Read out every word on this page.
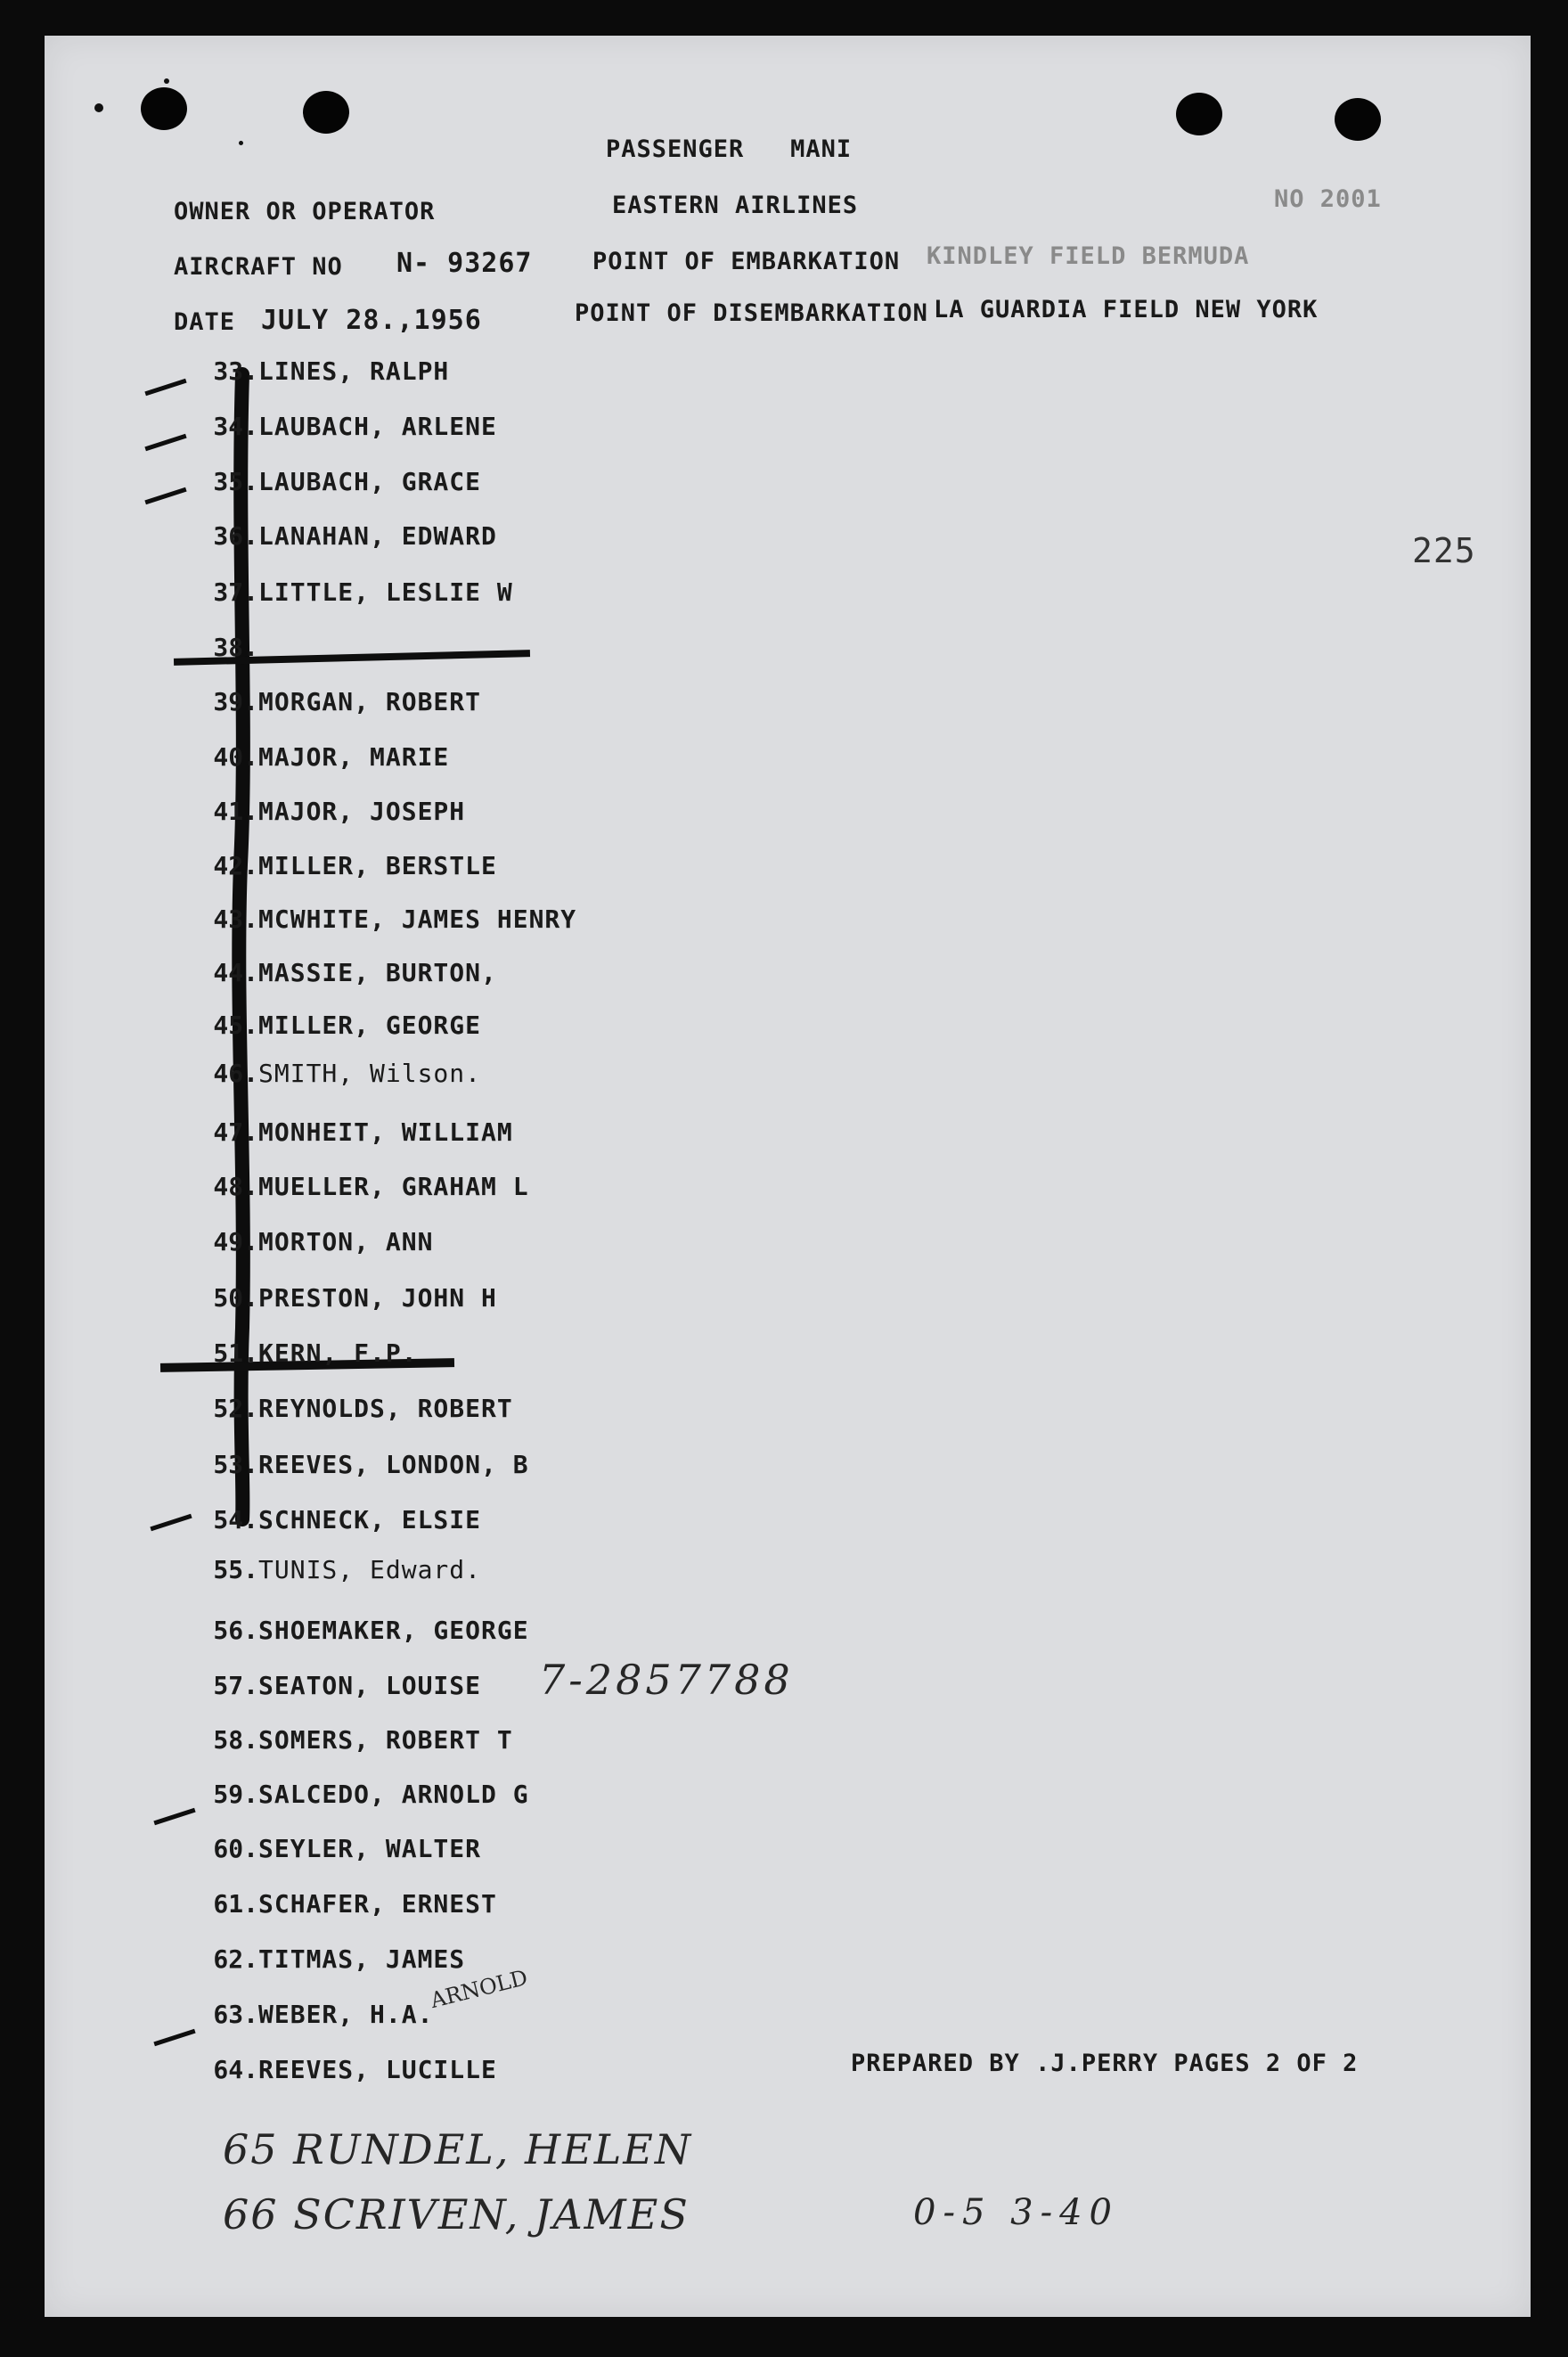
PASSENGER MANI
OWNER OR OPERATOR	EASTERN AIRLINES	NO 2001
AIRCRAFT NO N- 93267	POINT OF EMBARKATION KINDLEY FIELD BERMUDA
DATE JULY 28.,1956	POINT OF DISEMBARKATION LA GUARDIA FIELD NEW YORK
225
33.LINES, RALPH
34.LAUBACH, ARLENE
35.LAUBACH, GRACE
36.LANAHAN, EDWARD
37.LITTLE, LESLIE W
38.
39.MORGAN, ROBERT
40.MAJOR, MARIE
41.MAJOR, JOSEPH
42.MILLER, BERSTLE
43.MCWHITE, JAMES HENRY
44.MASSIE, BURTON,
45.MILLER, GEORGE
46.SMITH, Wilson.
47.MONHEIT, WILLIAM
48.MUELLER, GRAHAM L
49.MORTON, ANN
50.PRESTON, JOHN H
51.KERN, F.P.
52.REYNOLDS, ROBERT
53.REEVES, LONDON, B
54.SCHNECK, ELSIE
55.TUNIS, Edward.
56.SHOEMAKER, GEORGE
57.SEATON, LOUISE
58.SOMERS, ROBERT T
59.SALCEDO, ARNOLD G
60.SEYLER, WALTER
61.SCHAFER, ERNEST
62.TITMAS, JAMES
63.WEBER, H.A.
64.REEVES, LUCILLE
7-2857788
ARNOLD
65 RUNDEL, HELEN
66 SCRIVEN, JAMES	0-5 3-40
PREPARED BY .J.PERRY PAGES 2 OF 2
